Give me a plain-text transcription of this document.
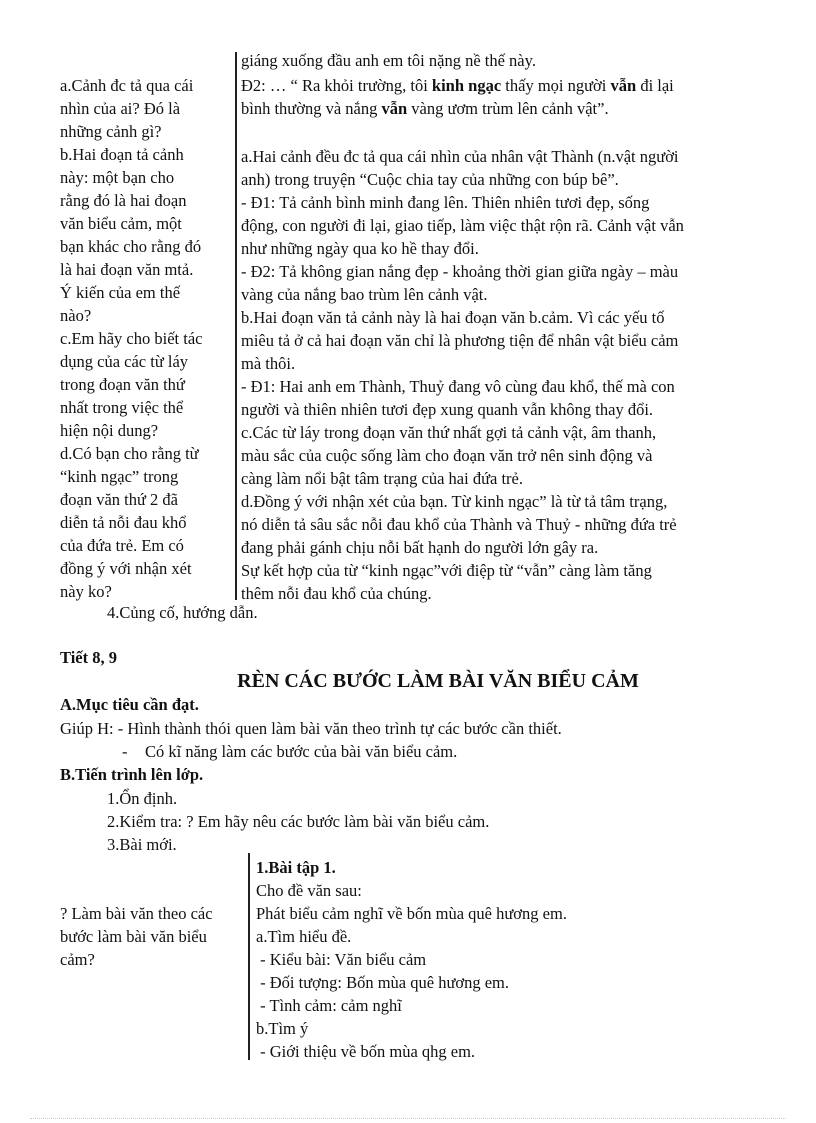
giáng xuống đầu anh em tôi nặng nề thế này.
a.Cảnh đc tả qua cái
nhìn của ai? Đó là
những cảnh gì?
b.Hai đoạn tả cảnh
này: một bạn cho
rằng đó là hai đoạn
văn biểu cảm, một
bạn khác cho rằng đó
là hai đoạn văn mtả.
Ý kiến của em thế
nào?
c.Em hãy cho biết tác
dụng của các từ láy
trong đoạn văn thứ
nhất trong việc thể
hiện nội dung?
d.Có bạn cho rằng từ
“kinh ngạc” trong
đoạn văn thứ 2 đã
diễn tả nỗi đau khổ
của đứa trẻ. Em có
đồng ý với nhận xét
này ko?
Đ2: … “ Ra khỏi trường, tôi kinh ngạc thấy mọi người vẫn đi lại
bình thường và nắng vẫn vàng ươm trùm lên cảnh vật”.
a.Hai cảnh đều đc tả qua cái nhìn của nhân vật Thành (n.vật người
anh) trong truyện “Cuộc chia tay của những con búp bê”.
- Đ1: Tả cảnh bình minh đang lên. Thiên nhiên tươi đẹp, sống
động, con người đi lại, giao tiếp, làm việc thật rộn rã. Cảnh vật vẫn
như những ngày qua ko hề thay đổi.
- Đ2: Tả không gian nắng đẹp - khoảng thời gian giữa ngày – màu
vàng của nắng bao trùm lên cảnh vật.
b.Hai đoạn văn tả cảnh này là hai đoạn văn b.cảm. Vì các yếu tố
miêu tả ở cả hai đoạn văn chỉ là phương tiện để nhân vật biểu cảm
mà thôi.
- Đ1: Hai anh em Thành, Thuỷ đang vô cùng đau khổ, thế mà con
người và thiên nhiên tươi đẹp xung quanh vẫn không thay đổi.
c.Các từ láy trong đoạn văn thứ nhất gợi tả cảnh vật, âm thanh,
màu sắc của cuộc sống làm cho đoạn văn trở nên sinh động và
càng làm nổi bật tâm trạng của hai đứa trẻ.
d.Đồng ý với nhận xét của bạn. Từ kinh ngạc” là từ tả tâm trạng,
nó diễn tả sâu sắc nỗi đau khổ của Thành và Thuỷ - những đứa trẻ
đang phải gánh chịu nỗi bất hạnh do người lớn gây ra.
Sự kết hợp của từ “kinh ngạc”với điệp từ “vẫn” càng làm tăng
thêm nỗi đau khổ của chúng.
4.Củng cố, hướng dẫn.
Tiết 8, 9
RÈN CÁC BƯỚC LÀM BÀI VĂN BIỂU CẢM
A.Mục tiêu cần đạt.
Giúp H: - Hình thành thói quen làm bài văn theo trình tự các bước cần thiết.
- Có kĩ năng làm các bước của bài văn biểu cảm.
B.Tiến trình lên lớp.
1.Ổn định.
2.Kiểm tra: ? Em hãy nêu các bước làm bài văn biểu cảm.
3.Bài mới.
? Làm bài văn theo các
bước làm bài văn biểu
cảm?
1.Bài tập 1.
Cho đề văn sau:
Phát biểu cảm nghĩ về bốn mùa quê hương em.
a.Tìm hiểu đề.
- Kiểu bài: Văn biểu cảm
- Đối tượng: Bốn mùa quê hương em.
- Tình cảm: cảm nghĩ
b.Tìm ý
- Giới thiệu về bốn mùa qhg em.
